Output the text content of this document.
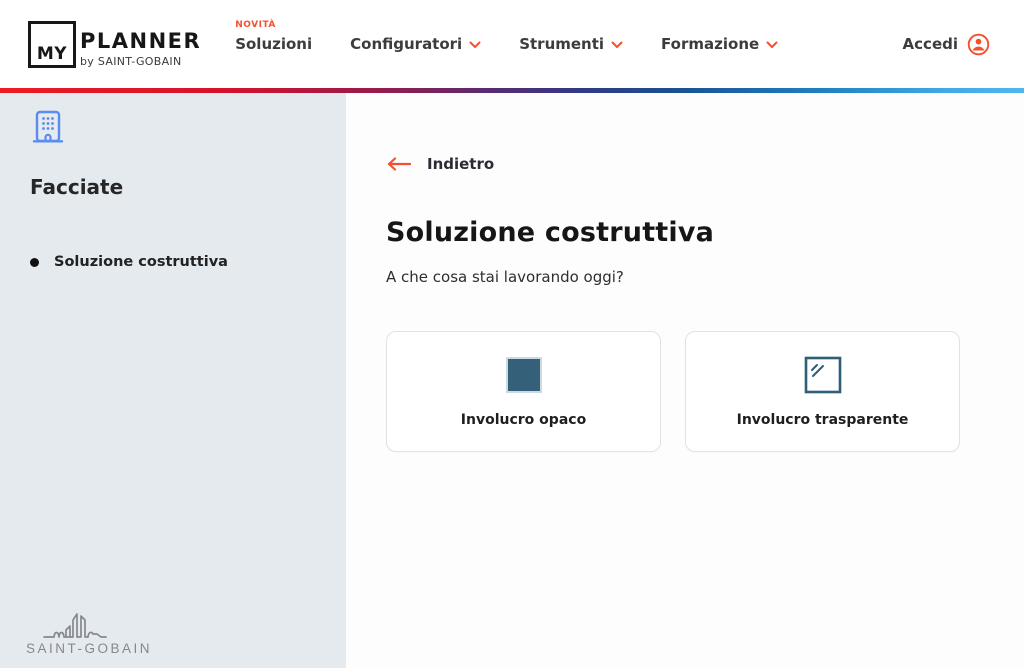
MY
PLANNER
by SAINT-GOBAIN
NOVITÀ
Soluzioni	Configuratori	Strumenti	Formazione	Accedi
Facciate
Soluzione costruttiva
SAINT-GOBAIN
Indietro
Soluzione costruttiva

A che cosa stai lavorando oggi?

Involucro opaco	Involucro trasparente
